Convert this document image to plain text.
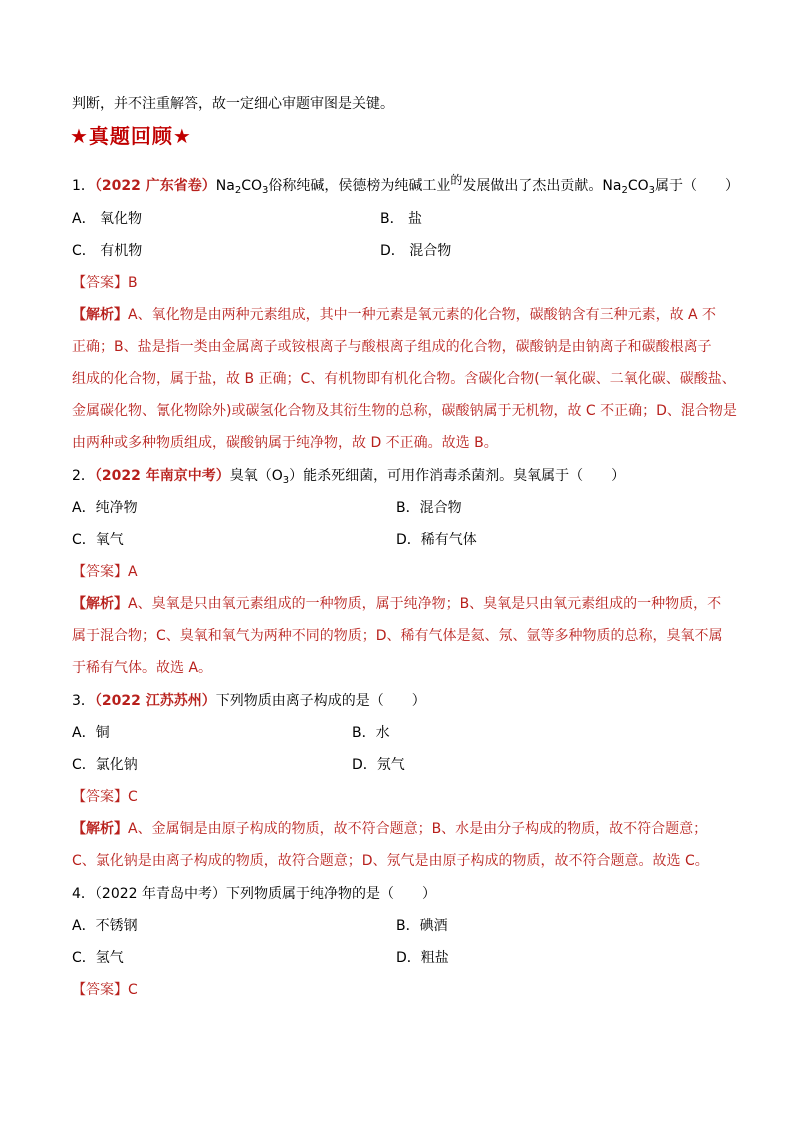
判断，并不注重解答，故一定细心审题审图是关键。
★真题回顾★
1．（2022 广东省卷）$Na_2CO_3$俗称纯碱，侯德榜为纯碱工业的发展做出了杰出贡献。$Na_2CO_3$属于（　　）
A． 氧化物	B． 盐
C． 有机物	D． 混合物
【答案】B
【解析】A、氧化物是由两种元素组成，其中一种元素是氧元素的化合物，碳酸钠含有三种元素，故 A 不
正确；B、盐是指一类由金属离子或铵根离子与酸根离子组成的化合物，碳酸钠是由钠离子和碳酸根离子
组成的化合物，属于盐，故 B 正确；C、有机物即有机化合物。含碳化合物(一氧化碳、二氧化碳、碳酸盐、
金属碳化物、氰化物除外)或碳氢化合物及其衍生物的总称，碳酸钠属于无机物，故 C 不正确；D、混合物是
由两种或多种物质组成，碳酸钠属于纯净物，故 D 不正确。故选 B。
2．（2022 年南京中考）臭氧$(O_3)$能杀死细菌，可用作消毒杀菌剂。臭氧属于（　　）
A．纯净物	B．混合物
C．氧气	D．稀有气体
【答案】A
【解析】A、臭氧是只由氧元素组成的一种物质，属于纯净物；B、臭氧是只由氧元素组成的一种物质，不
属于混合物；C、臭氧和氧气为两种不同的物质；D、稀有气体是氦、氖、氩等多种物质的总称，臭氧不属
于稀有气体。故选 A。
3．（2022 江苏苏州）下列物质由离子构成的是（　　）
A．铜	B．水
C．氯化钠	D．氖气
【答案】C
【解析】A、金属铜是由原子构成的物质，故不符合题意；B、水是由分子构成的物质，故不符合题意；
C、氯化钠是由离子构成的物质，故符合题意；D、氖气是由原子构成的物质，故不符合题意。故选 C。
4．（2022 年青岛中考）下列物质属于纯净物的是（　　）
A．不锈钢	B．碘酒
C．氢气	D．粗盐
【答案】C
